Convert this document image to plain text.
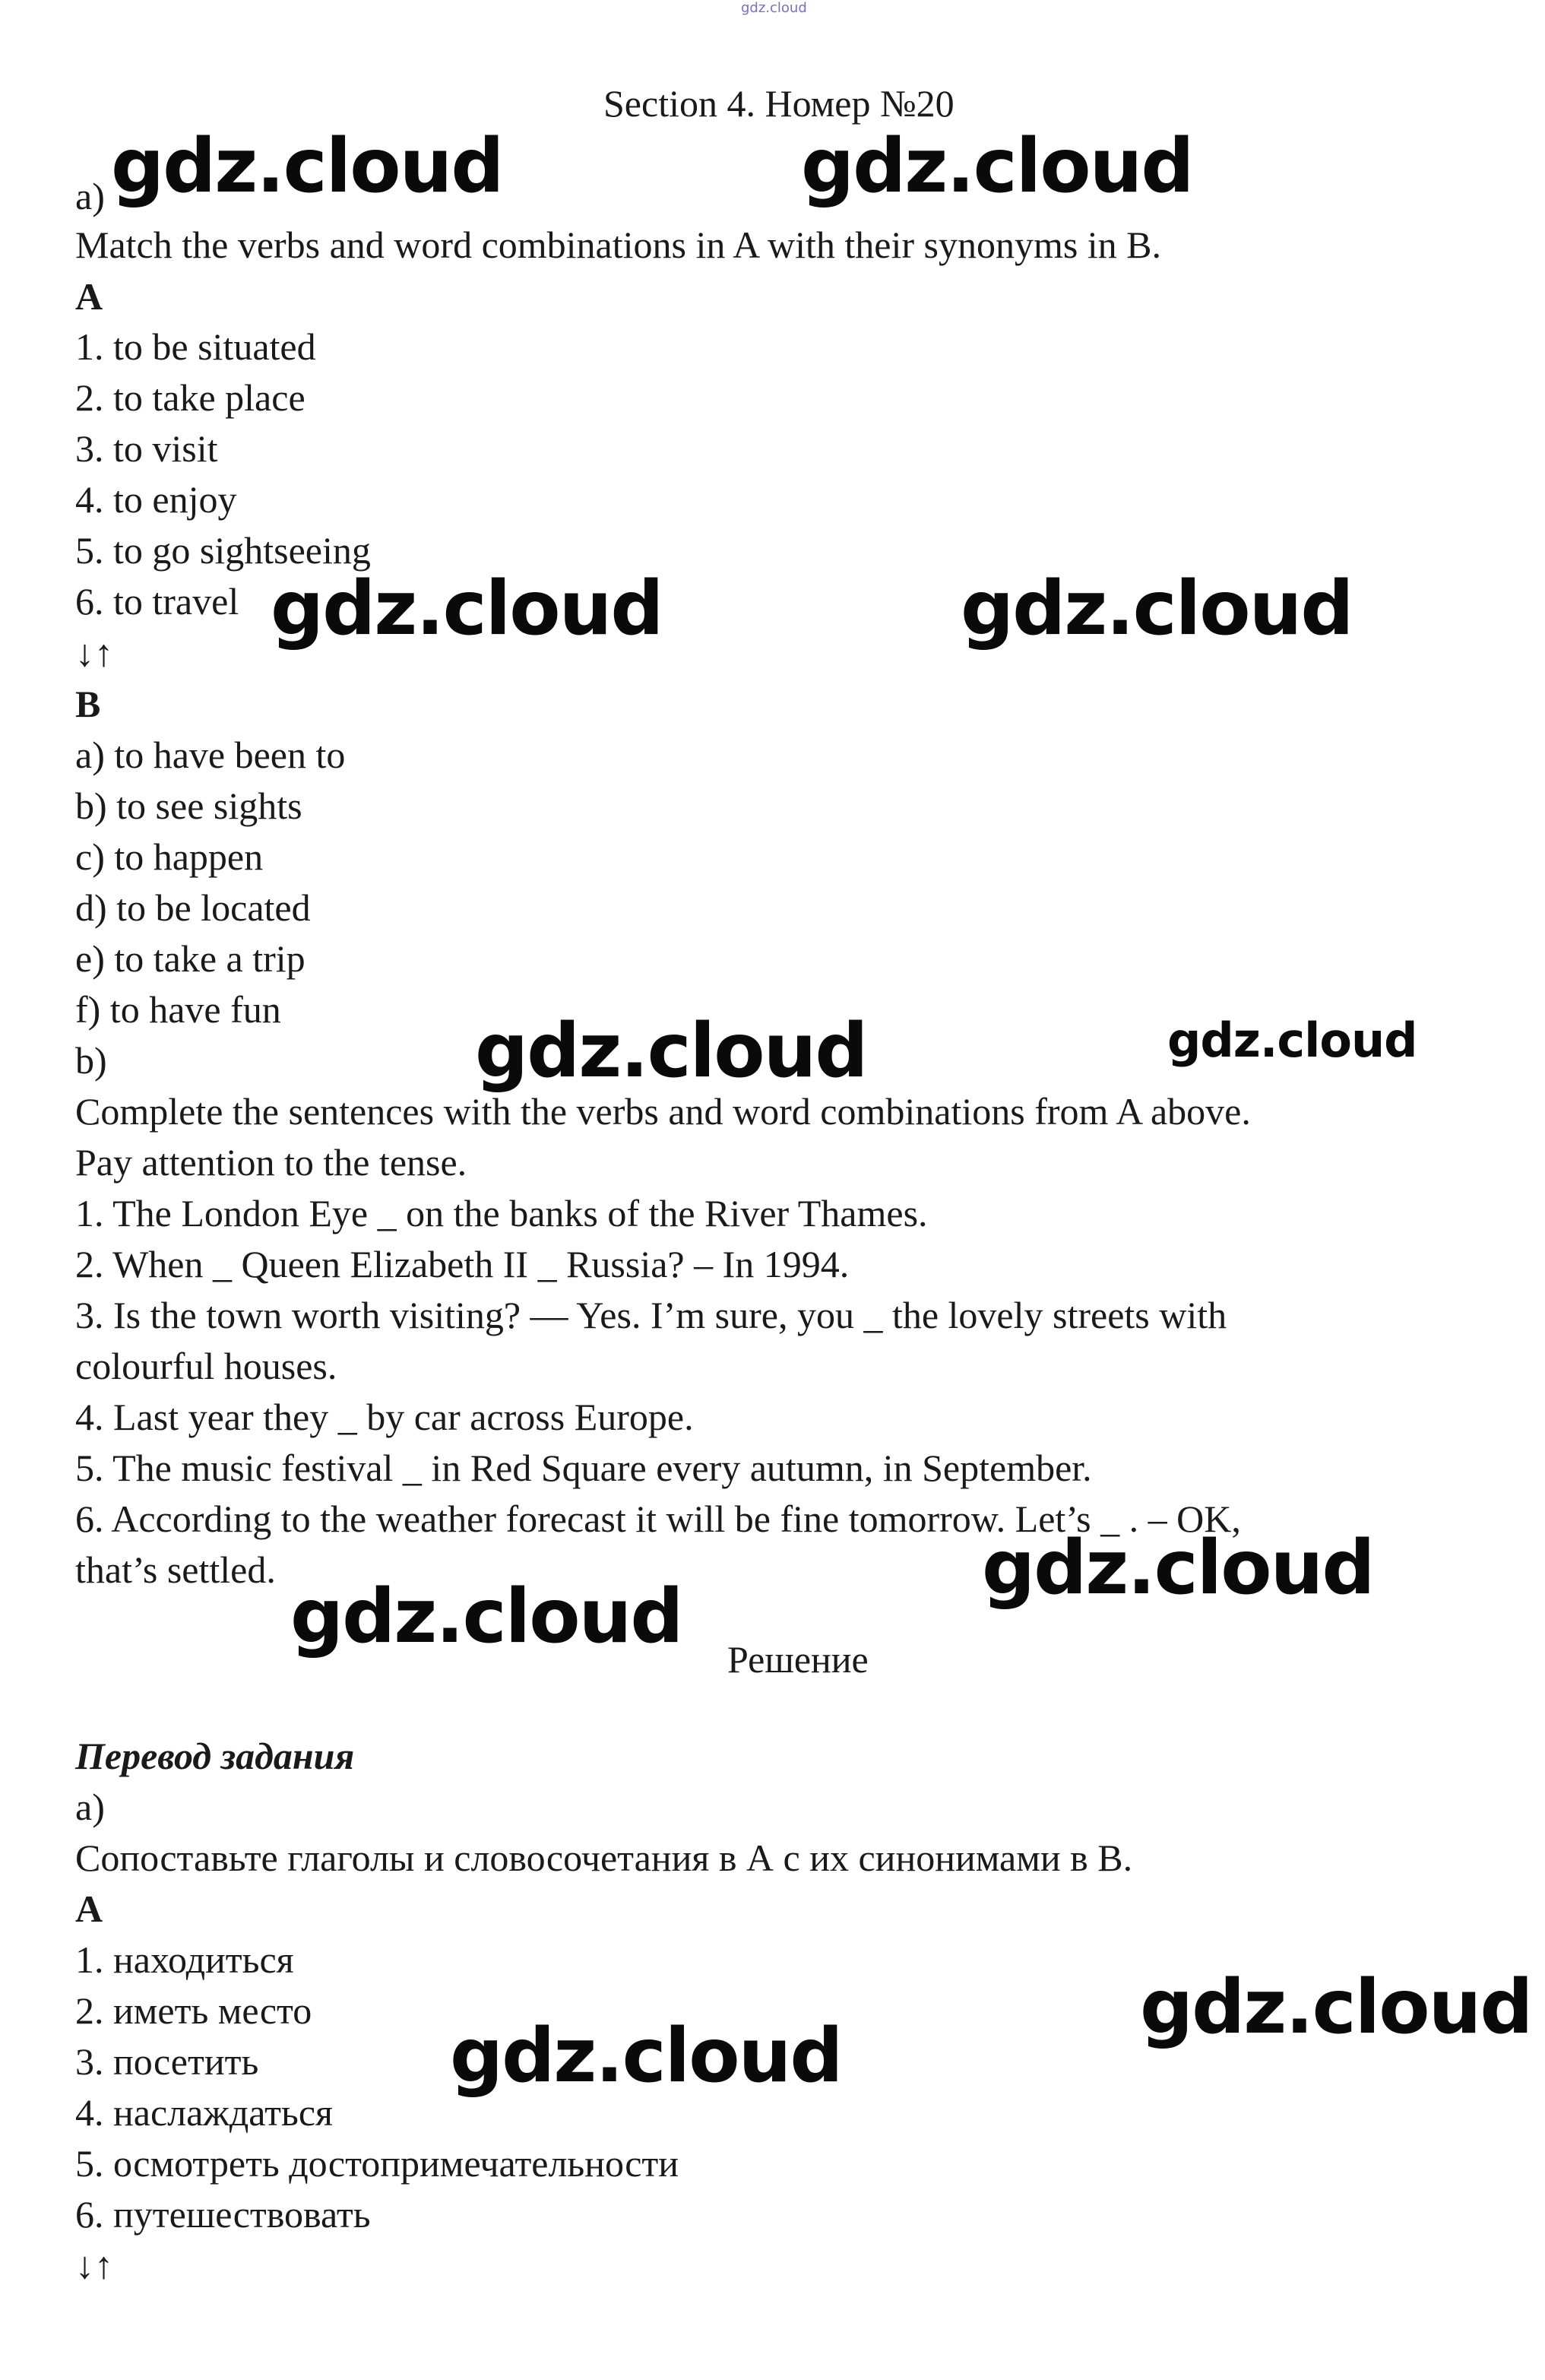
gdz.cloud
Section 4. Номер №20
a)
Match the verbs and word combinations in A with their synonyms in B.
A
1. to be situated
2. to take place
3. to visit
4. to enjoy
5. to go sightseeing
6. to travel
↓↑
B
a) to have been to
b) to see sights
c) to happen
d) to be located
e) to take a trip
f) to have fun
b)
Complete the sentences with the verbs and word combinations from A above.
Pay attention to the tense.
1. The London Eye _ on the banks of the River Thames.
2. When _ Queen Elizabeth II _ Russia? – In 1994.
3. Is the town worth visiting? — Yes. I’m sure, you _ the lovely streets with
colourful houses.
4. Last year they _ by car across Europe.
5. The music festival _ in Red Square every autumn, in September.
6. According to the weather forecast it will be fine tomorrow. Let’s _ . – OK,
that’s settled.
Решение
Перевод задания
a)
Сопоставьте глаголы и словосочетания в А с их синонимами в В.
A
1. находиться
2. иметь место
3. посетить
4. наслаждаться
5. осмотреть достопримечательности
6. путешествовать
↓↑
gdz.cloud	gdz.cloud
gdz.cloud	gdz.cloud
gdz.cloud	gdz.cloud
gdz.cloud
gdz.cloud
gdz.cloud
gdz.cloud
